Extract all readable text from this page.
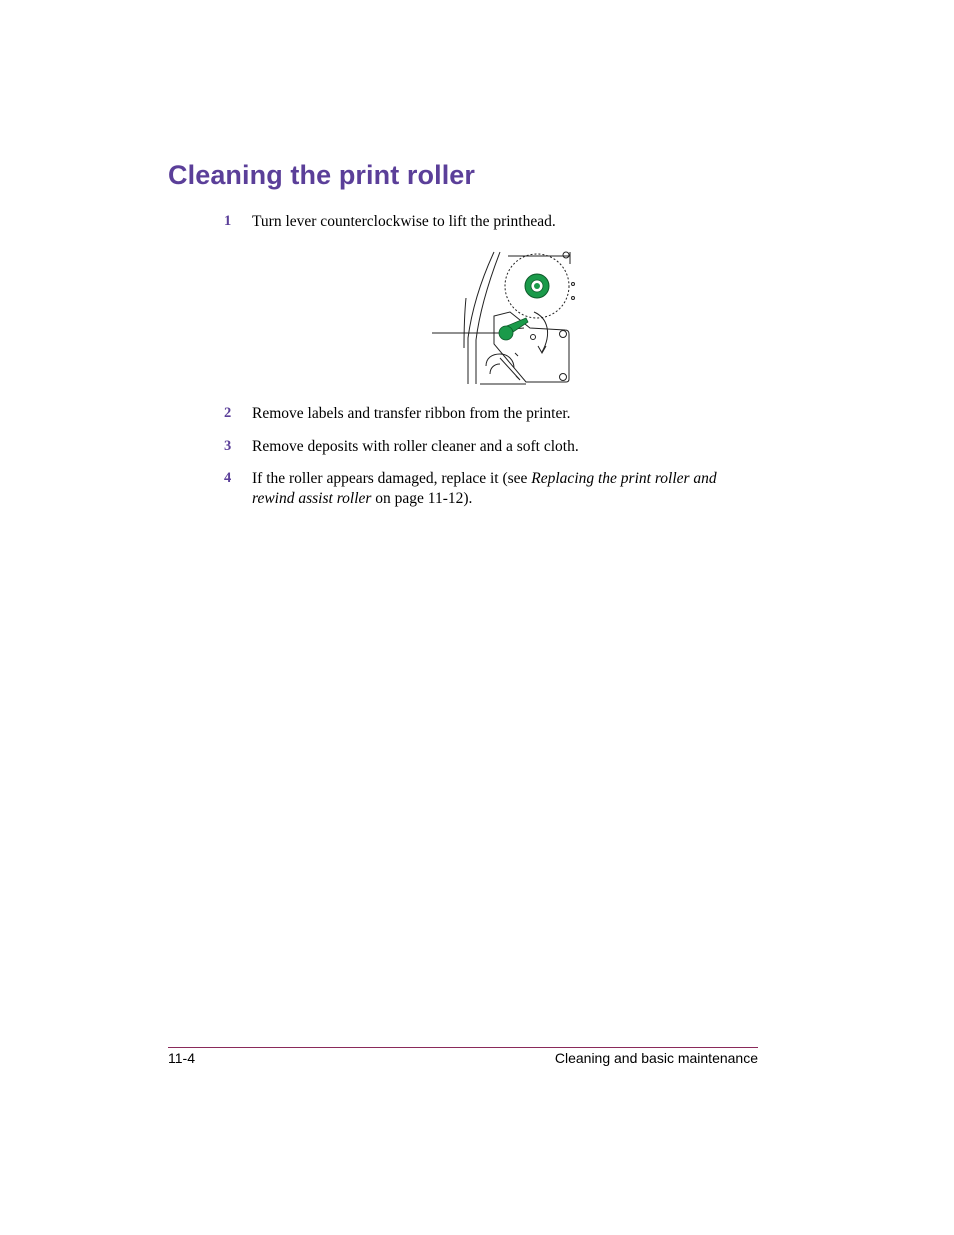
Cleaning the print roller
1	Turn lever counterclockwise to lift the printhead.
2	Remove labels and transfer ribbon from the printer.
3	Remove deposits with roller cleaner and a soft cloth.
4	If the roller appears damaged, replace it (see Replacing the print roller and rewind assist roller on page 11-12).
11-4	Cleaning and basic maintenance
